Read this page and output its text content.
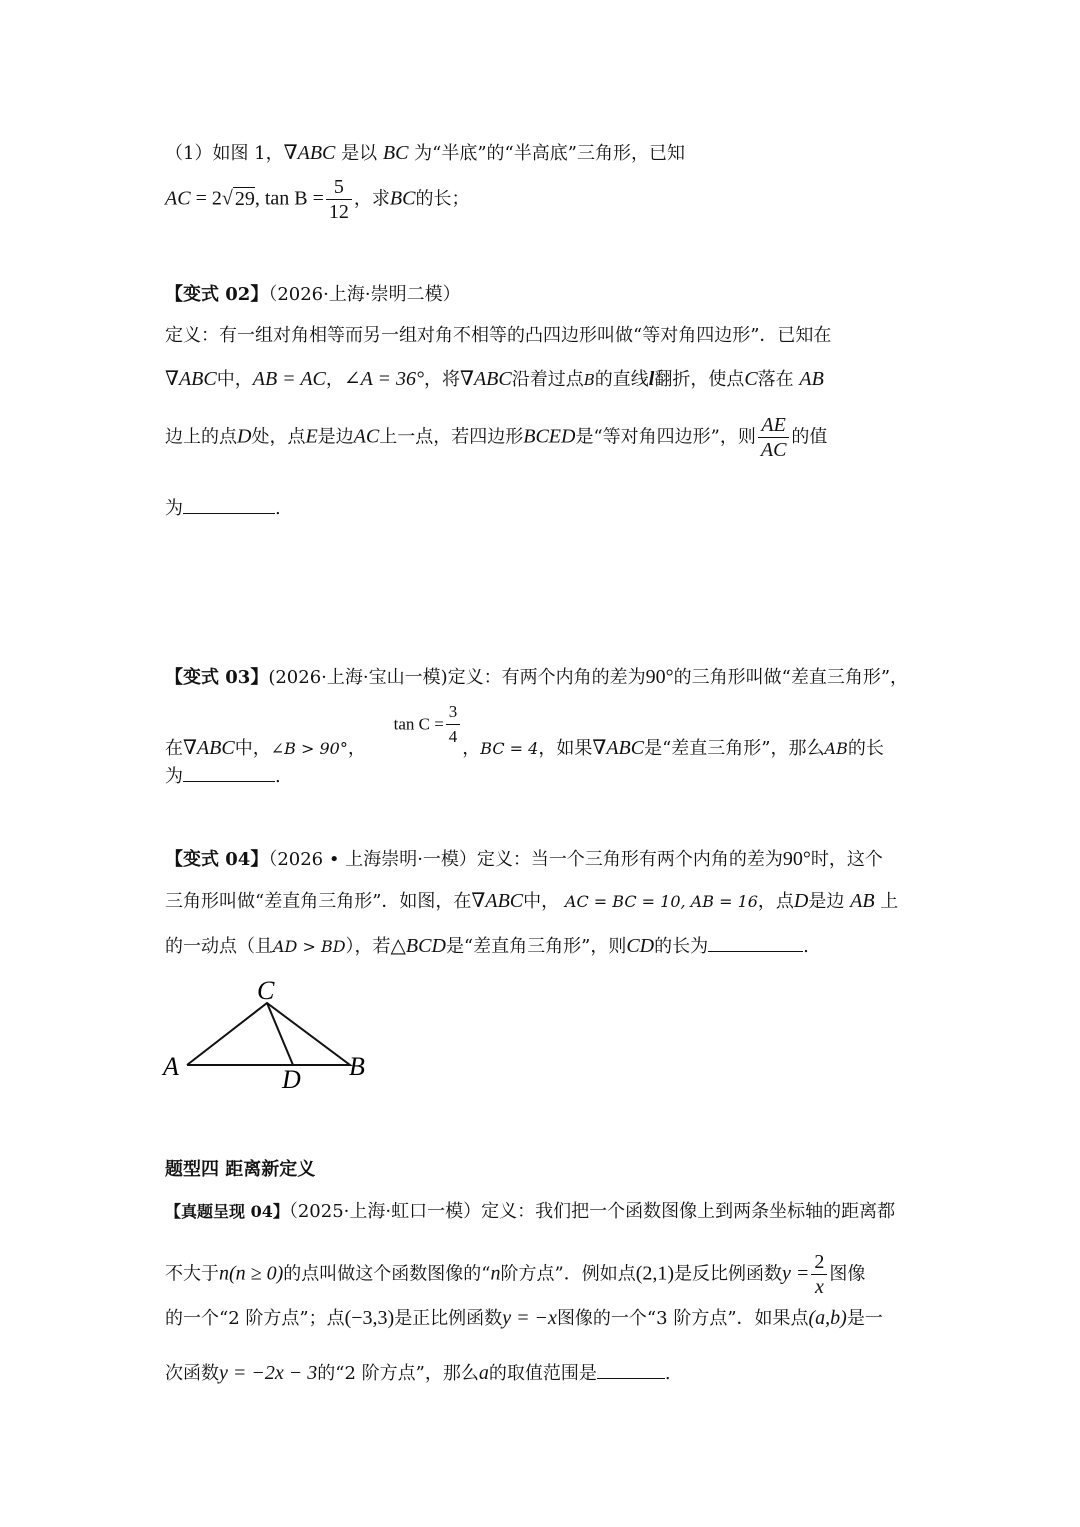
（1）如图 1，∇ABC 是以 BC 为“半底”的“半高底”三角形，已知
AC = 2√ 29, $\tan B = \frac{5}{12}$ ，求BC的长；
【变式 02】（2026·上海·崇明二模）
定义：有一组对角相等而另一组对角不相等的凸四边形叫做“等对角四边形”．已知在
∇ABC中，AB = AC，∠A = 36°，将∇ABC沿着过点B的直线l翻折，使点C落在 AB
边上的点D处，点E是边AC上一点，若四边形BCED是“等对角四边形”，则 $\frac{AE}{AC}$ 的值
为	.
【变式 03】(2026·上海·宝山一模)定义：有两个内角的差为90°的三角形叫做“差直三角形”，
在∇ABC中，∠B > 90°， $\tan C = \frac{3}{4}$ ，BC = 4，如果∇ABC是“差直三角形”，那么AB的长
为	.
【变式 04】（2026 • 上海崇明·一模）定义：当一个三角形有两个内角的差为90°时，这个
三角形叫做“差直角三角形”．如图，在∇ABC中， AC = BC = 10, AB = 16，点D是边 AB 上
的一动点（且AD > BD），若△BCD是“差直角三角形”，则CD的长为	.
C
A	B
D
题型四 距离新定义
【真题呈现 04】（2025·上海·虹口一模）定义：我们把一个函数图像上到两条坐标轴的距离都
不大于n(n ≥ 0)的点叫做这个函数图像的“n阶方点”．例如点(2,1)是反比例函数$y = \frac{2}{x}$ 图像
的一个“2 阶方点”；点(−3,3)是正比例函数y = −x图像的一个“3 阶方点”．如果点(a,b)是一
次函数y = −2x − 3的“2 阶方点”，那么a的取值范围是	.
